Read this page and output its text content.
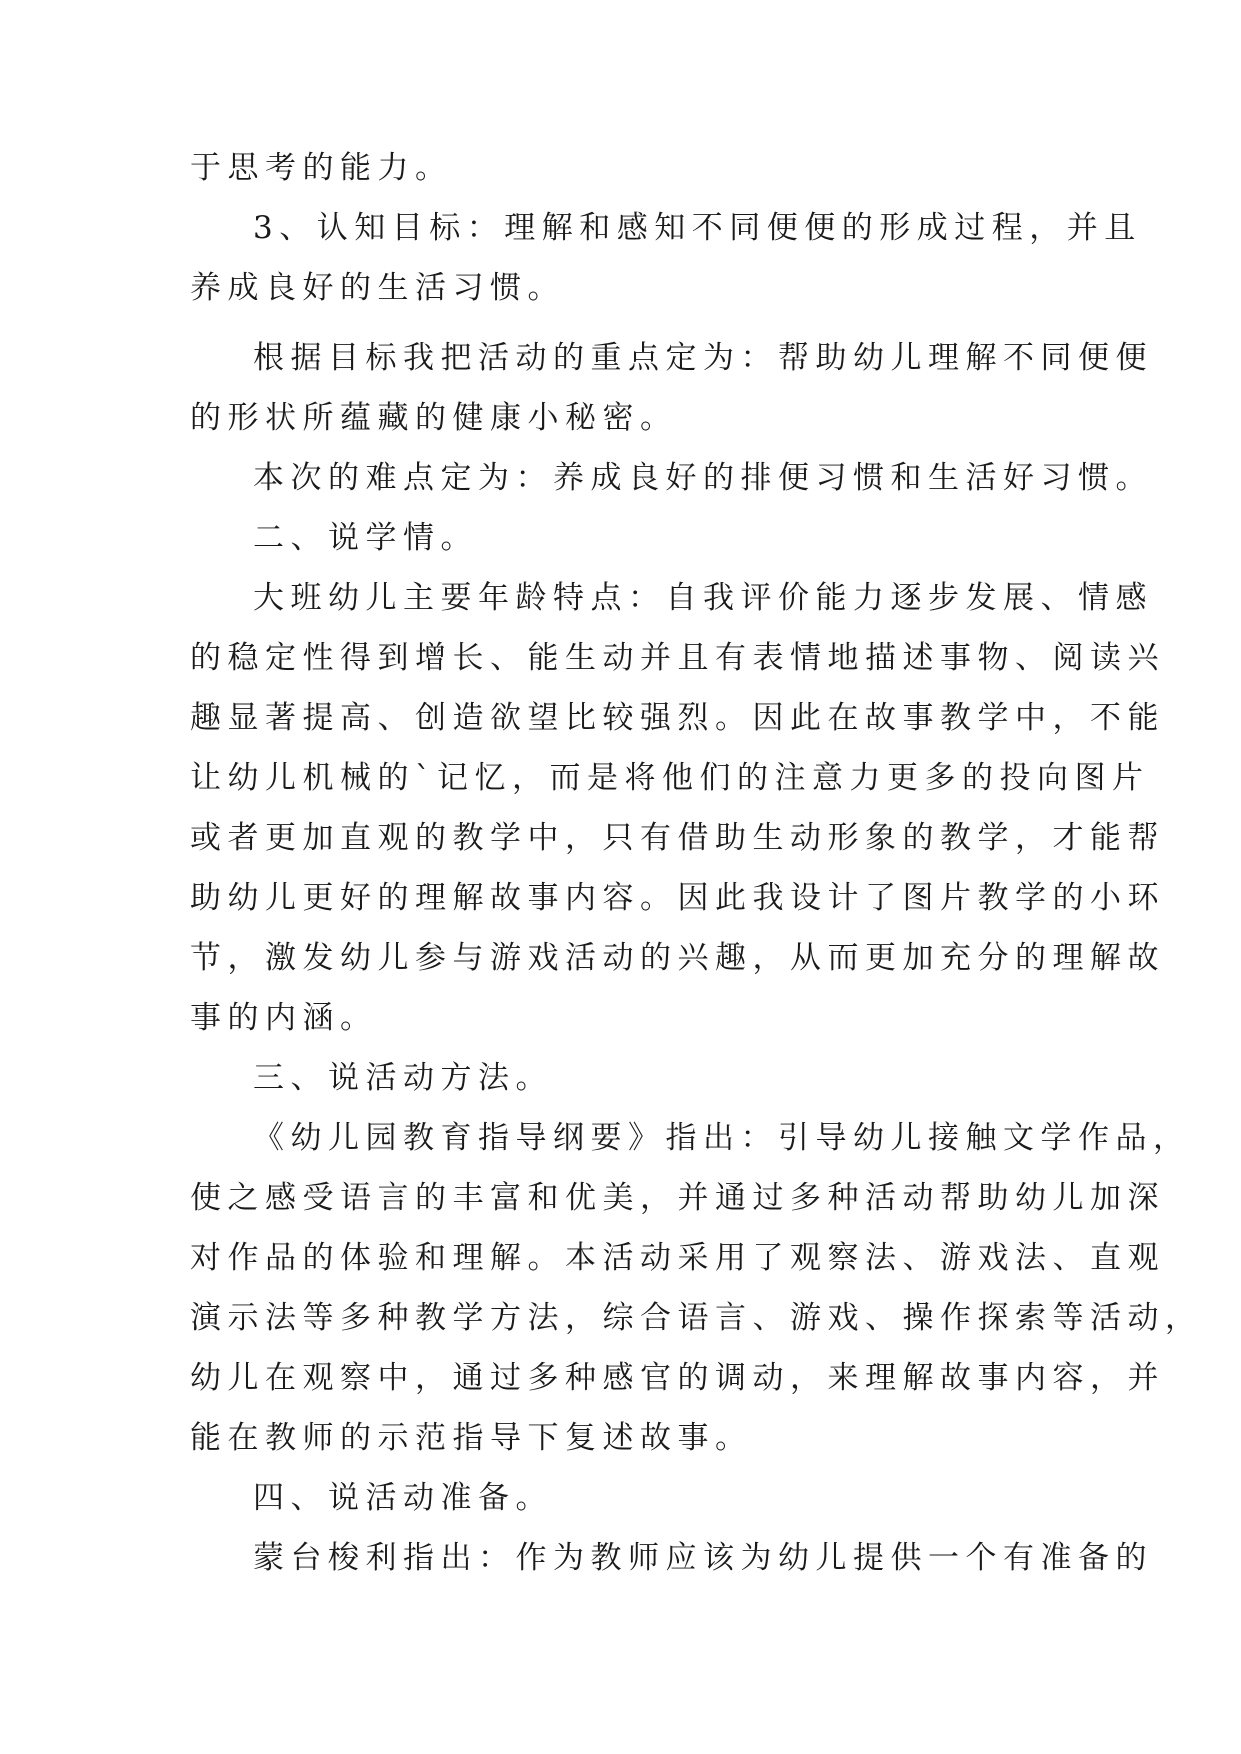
于思考的能力。
3、认知目标：理解和感知不同便便的形成过程，并且
养成良好的生活习惯。
根据目标我把活动的重点定为：帮助幼儿理解不同便便
的形状所蕴藏的健康小秘密。
本次的难点定为：养成良好的排便习惯和生活好习惯。
二、说学情。
大班幼儿主要年龄特点：自我评价能力逐步发展、情感
的稳定性得到增长、能生动并且有表情地描述事物、阅读兴
趣显著提高、创造欲望比较强烈。因此在故事教学中，不能
让幼儿机械的`记忆，而是将他们的注意力更多的投向图片
或者更加直观的教学中，只有借助生动形象的教学，才能帮
助幼儿更好的理解故事内容。因此我设计了图片教学的小环
节，激发幼儿参与游戏活动的兴趣，从而更加充分的理解故
事的内涵。
三、说活动方法。
《幼儿园教育指导纲要》指出：引导幼儿接触文学作品，
使之感受语言的丰富和优美，并通过多种活动帮助幼儿加深
对作品的体验和理解。本活动采用了观察法、游戏法、直观
演示法等多种教学方法，综合语言、游戏、操作探索等活动，
幼儿在观察中，通过多种感官的调动，来理解故事内容，并
能在教师的示范指导下复述故事。
四、说活动准备。
蒙台梭利指出：作为教师应该为幼儿提供一个有准备的
